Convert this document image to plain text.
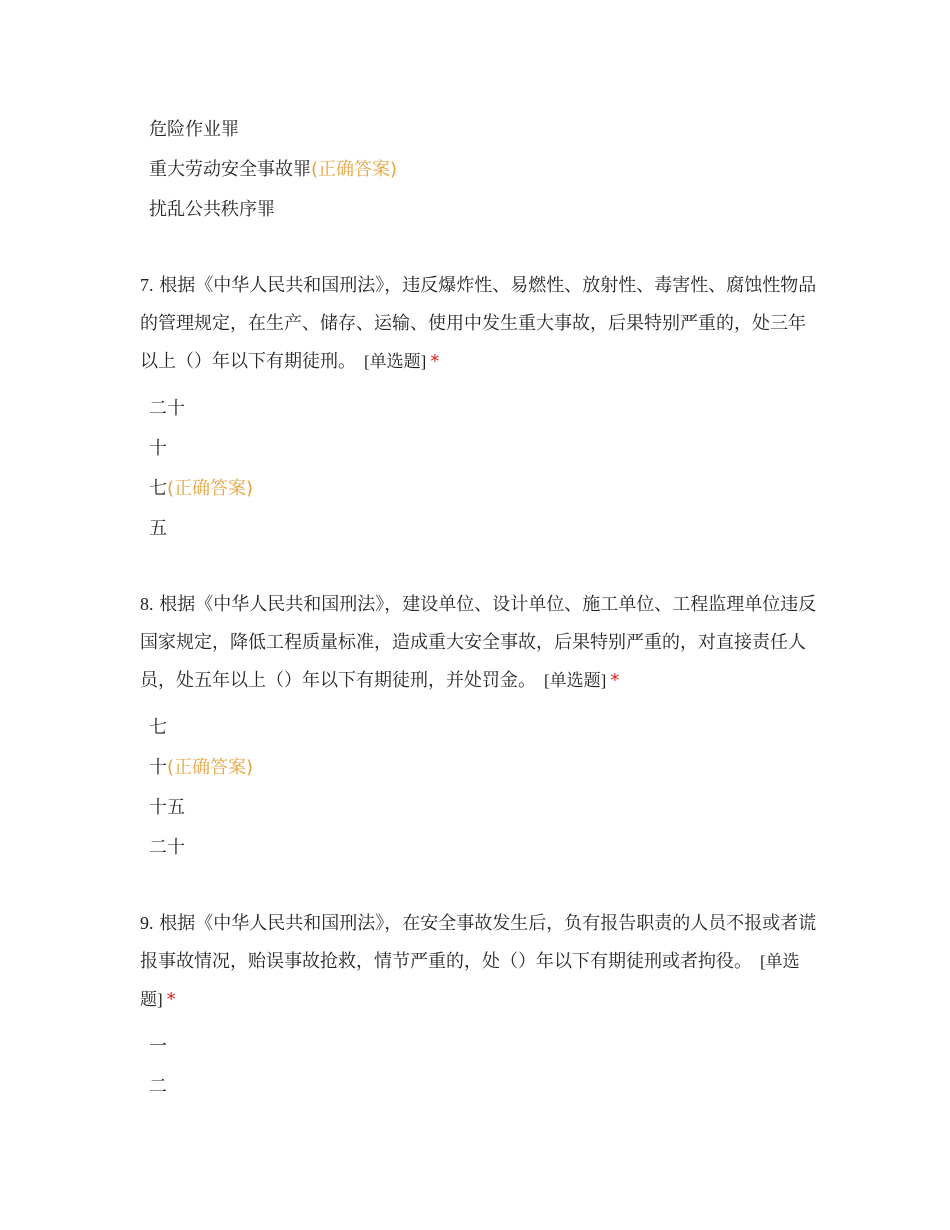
危险作业罪
重大劳动安全事故罪(正确答案)
扰乱公共秩序罪
7. 根据《中华人民共和国刑法》，违反爆炸性、易燃性、放射性、毒害性、腐蚀性物品的管理规定，在生产、储存、运输、使用中发生重大事故，后果特别严重的，处三年以上（）年以下有期徒刑。 [单选题] *
二十
十
七(正确答案)
五
8. 根据《中华人民共和国刑法》，建设单位、设计单位、施工单位、工程监理单位违反国家规定，降低工程质量标准，造成重大安全事故，后果特别严重的，对直接责任人员，处五年以上（）年以下有期徒刑，并处罚金。 [单选题] *
七
十(正确答案)
十五
二十
9. 根据《中华人民共和国刑法》，在安全事故发生后，负有报告职责的人员不报或者谎报事故情况，贻误事故抢救，情节严重的，处（）年以下有期徒刑或者拘役。 [单选题] *
一
二
